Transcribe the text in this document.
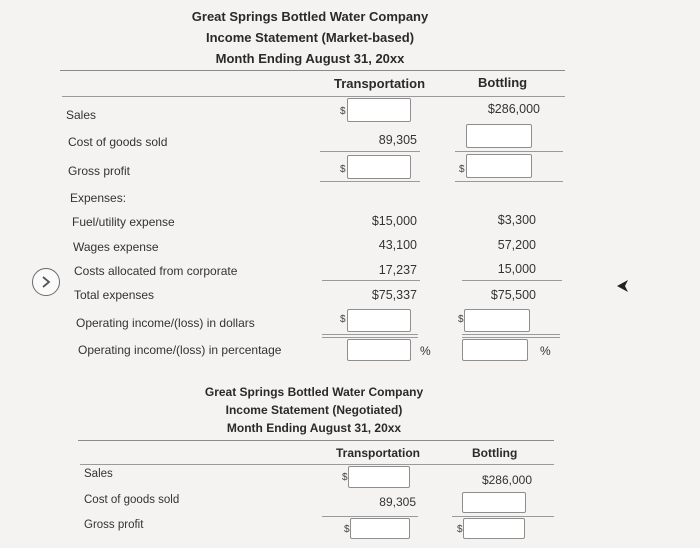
Great Springs Bottled Water Company
Income Statement (Market-based)
Month Ending August 31, 20xx
Transportation	Bottling
Sales	$	$286,000
Cost of goods sold	89,305
Gross profit	$	$
Expenses:
Fuel/utility expense	$15,000	$3,300
Wages expense	43,100	57,200
Costs allocated from corporate	17,237	15,000
Total expenses	$75,337	$75,500
Operating income/(loss) in dollars	$	$
Operating income/(loss) in percentage	%	%
Great Springs Bottled Water Company
Income Statement (Negotiated)
Month Ending August 31, 20xx
Transportation	Bottling
Sales	$	$286,000
Cost of goods sold	89,305
Gross profit	$	$
